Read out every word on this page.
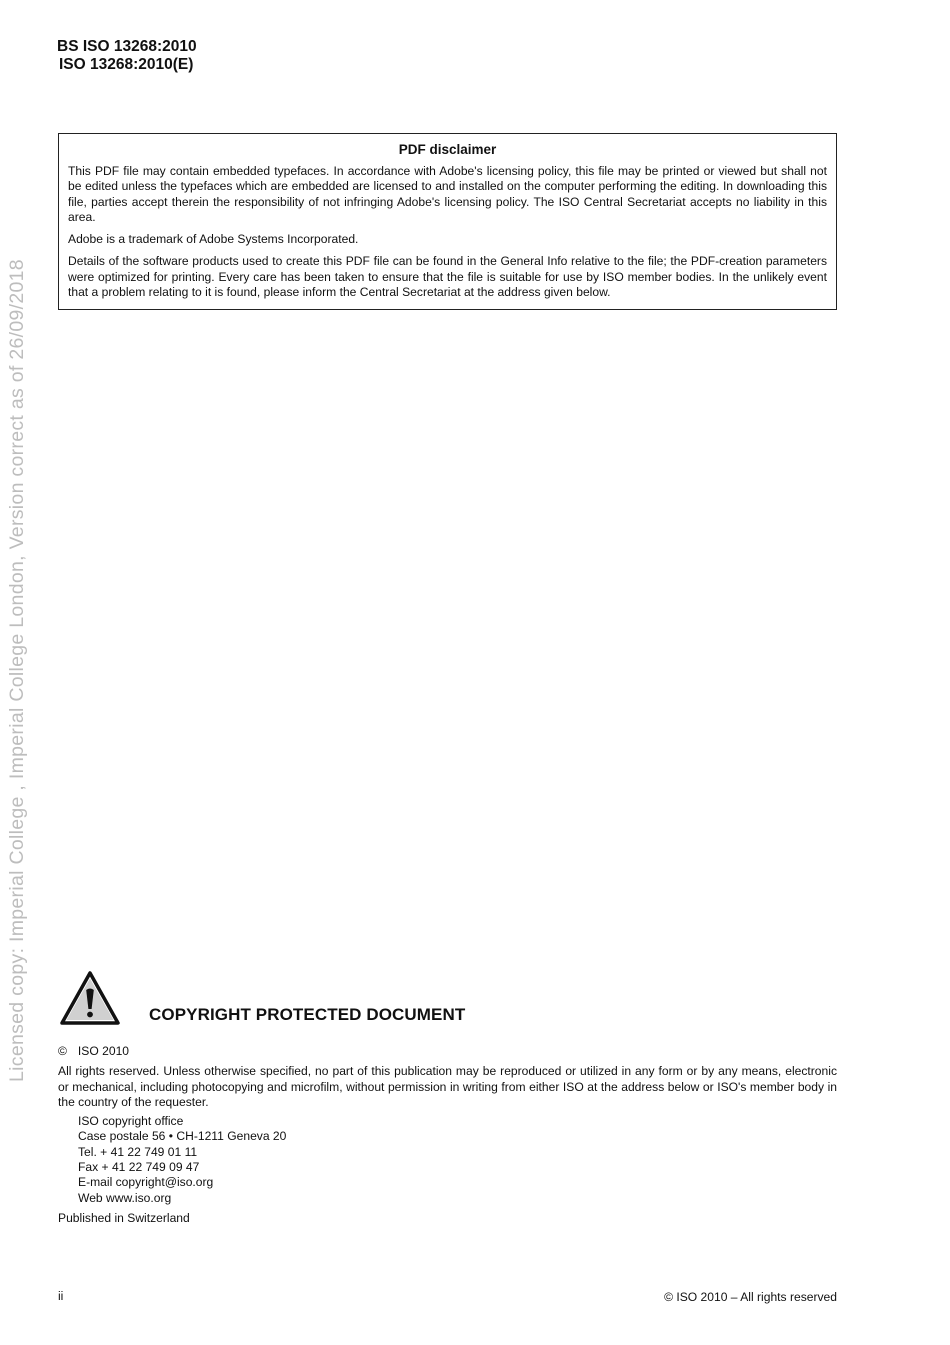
BS ISO 13268:2010
ISO 13268:2010(E)
Licensed copy: Imperial College , Imperial College London, Version correct as of 26/09/2018
PDF disclaimer

This PDF file may contain embedded typefaces. In accordance with Adobe's licensing policy, this file may be printed or viewed but shall not be edited unless the typefaces which are embedded are licensed to and installed on the computer performing the editing. In downloading this file, parties accept therein the responsibility of not infringing Adobe's licensing policy. The ISO Central Secretariat accepts no liability in this area.

Adobe is a trademark of Adobe Systems Incorporated.

Details of the software products used to create this PDF file can be found in the General Info relative to the file; the PDF-creation parameters were optimized for printing. Every care has been taken to ensure that the file is suitable for use by ISO member bodies. In the unlikely event that a problem relating to it is found, please inform the Central Secretariat at the address given below.

COPYRIGHT PROTECTED DOCUMENT
© ISO 2010
All rights reserved. Unless otherwise specified, no part of this publication may be reproduced or utilized in any form or by any means, electronic or mechanical, including photocopying and microfilm, without permission in writing from either ISO at the address below or ISO's member body in the country of the requester.
ISO copyright office
Case postale 56 • CH-1211 Geneva 20
Tel. + 41 22 749 01 11
Fax + 41 22 749 09 47
E-mail copyright@iso.org
Web www.iso.org
Published in Switzerland
ii	© ISO 2010 – All rights reserved
